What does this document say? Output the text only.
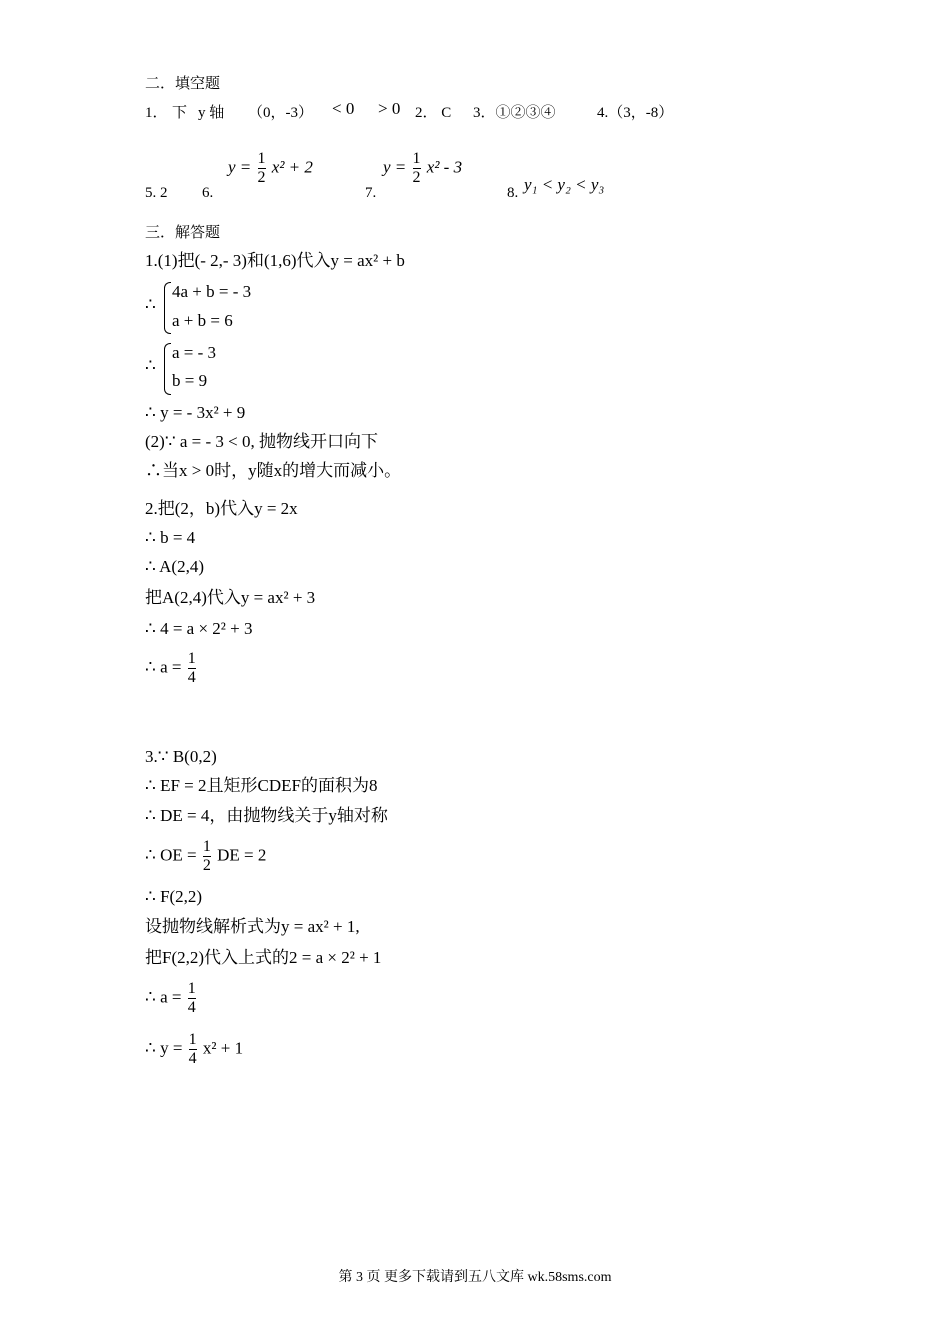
二．填空题
1． 下 y 轴 （0，-3） < 0 > 0 2． C 3．①②③④	4.（3，-8）
5. 2 6.
$y = \frac{1}{2} x^2 + 2$
7.
$y = \frac{1}{2} x^2 - 3$
8. y₁ < y₂ < y₃
三．解答题
1.(1)把(- 2,- 3)和(1,6)代入y = ax² + b
∴
4a + b = - 3
a + b = 6
∴
a = - 3
b = 9
∴ y = - 3x² + 9
(2)∵ a = - 3 < 0, 抛物线开口向下
∴当x > 0时，y随x的增大而减小。
2.把(2，b)代入y = 2x
∴ b = 4
∴ A(2,4)
把A(2,4)代入y = ax² + 3
∴ 4 = a × 2² + 3
∴ $a = \frac{1}{4}$
3.∵ B(0,2)
∴ EF = 2且矩形CDEF的面积为8
∴ DE = 4，由抛物线关于y轴对称
∴ OE = $\frac{1}{2}$ DE = 2
∴ F(2,2)
设抛物线解析式为y = ax² + 1,
把F(2,2)代入上式的2 = a × 2² + 1
∴ $a = \frac{1}{4}$
∴ $y = \frac{1}{4} x^2 + 1$
第 3 页 更多下载请到五八文库 wk.58sms.com
